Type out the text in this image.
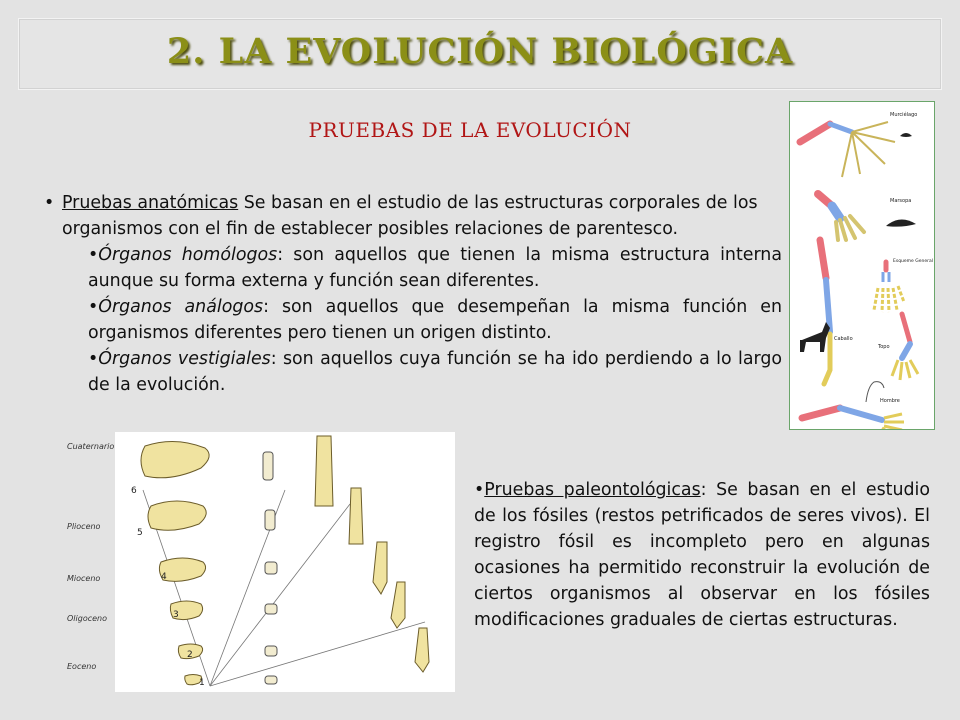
2. LA EVOLUCIÓN BIOLÓGICA
PRUEBAS DE LA EVOLUCIÓN
• Pruebas anatómicas Se basan en el estudio de las estructuras corporales de los organismos con el fin de establecer posibles relaciones de parentesco.
•Órganos homólogos: son aquellos que tienen la misma estructura interna aunque su forma externa y función sean diferentes.
•Órganos análogos: son aquellos que desempeñan la misma función en organismos diferentes pero tienen un origen distinto.
•Órganos vestigiales: son aquellos cuya función se ha ido perdiendo a lo largo de la evolución.
Murciélago
Marsopa
Esqueme General
Caballo
Topo
Hombre
Cuaternario
Plioceno
Mioceno
Oligoceno
Eoceno
6
5
4
3
2
1
•Pruebas paleontológicas: Se basan en el estudio de los fósiles (restos petrificados de seres vivos). El registro fósil es incompleto pero en algunas ocasiones ha permitido reconstruir la evolución de ciertos organismos al observar en los fósiles modificaciones graduales de ciertas estructuras.
